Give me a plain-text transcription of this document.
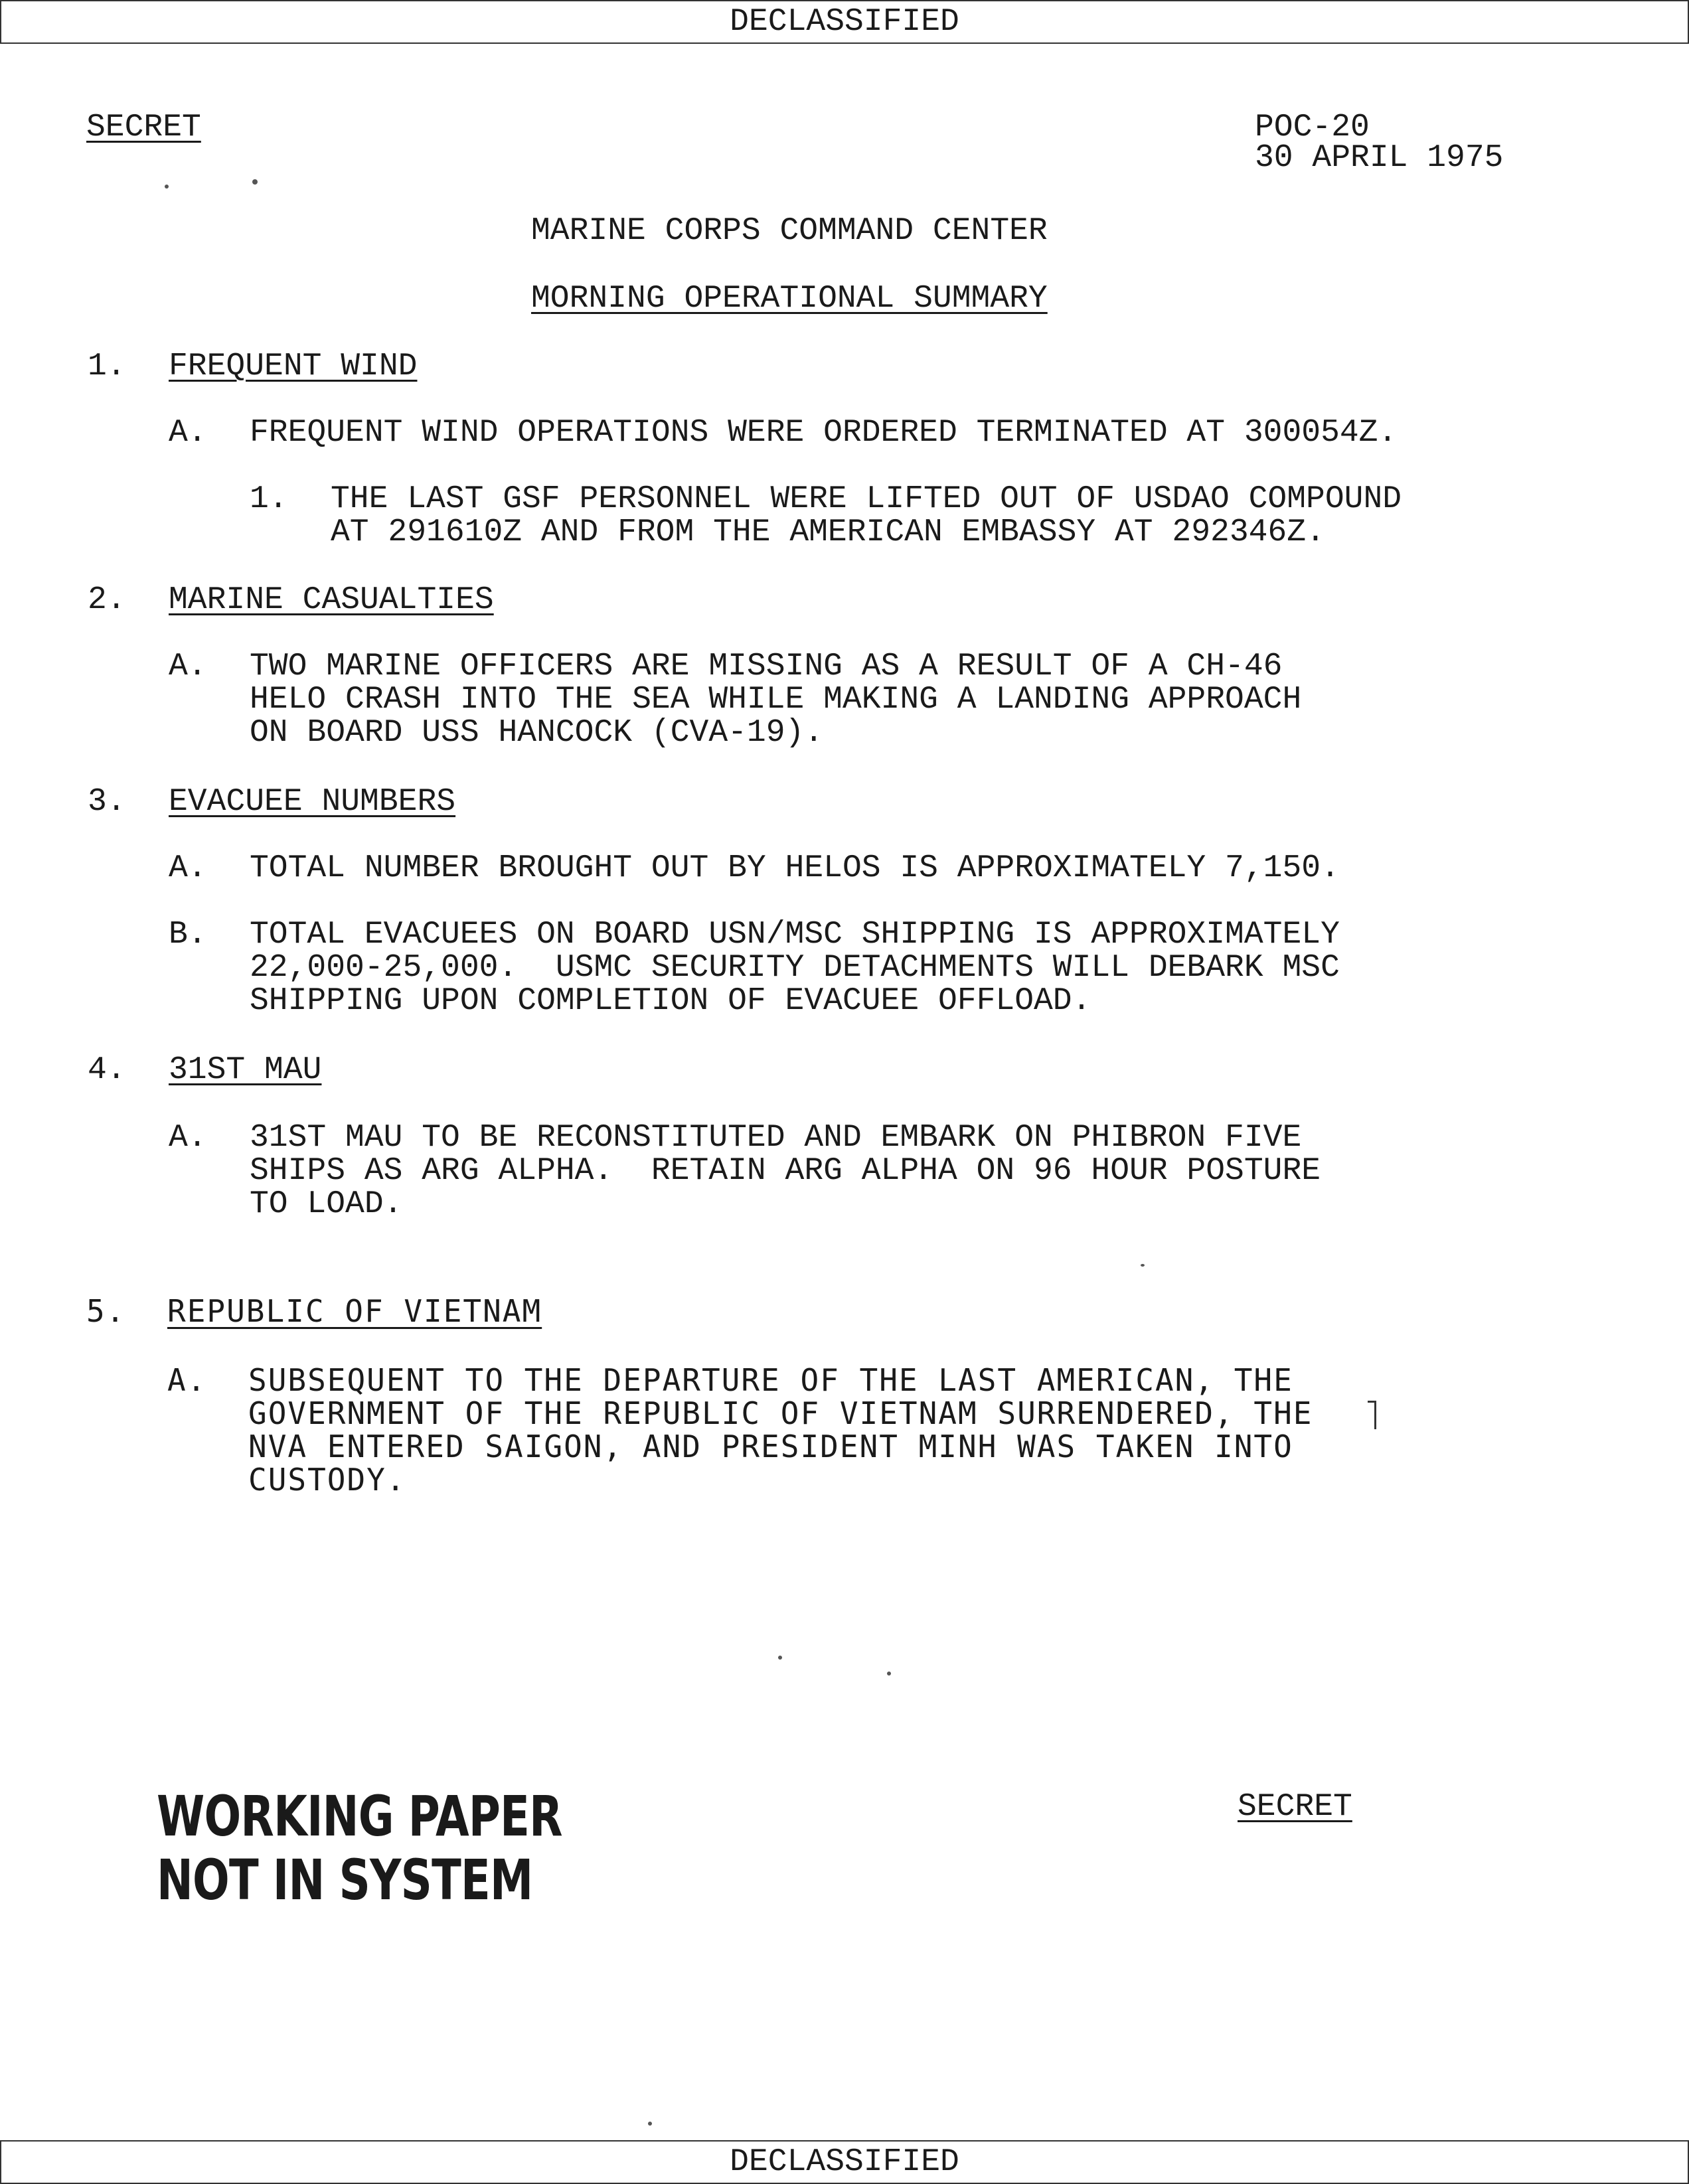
DECLASSIFIED
SECRET	POC-20
30 APRIL 1975
MARINE CORPS COMMAND CENTER
MORNING OPERATIONAL SUMMARY
1. FREQUENT WIND
A. FREQUENT WIND OPERATIONS WERE ORDERED TERMINATED AT 300054Z.
1. THE LAST GSF PERSONNEL WERE LIFTED OUT OF USDAO COMPOUND
AT 291610Z AND FROM THE AMERICAN EMBASSY AT 292346Z.
2. MARINE CASUALTIES
A. TWO MARINE OFFICERS ARE MISSING AS A RESULT OF A CH-46
HELO CRASH INTO THE SEA WHILE MAKING A LANDING APPROACH
ON BOARD USS HANCOCK (CVA-19).
3. EVACUEE NUMBERS
A. TOTAL NUMBER BROUGHT OUT BY HELOS IS APPROXIMATELY 7,150.
B. TOTAL EVACUEES ON BOARD USN/MSC SHIPPING IS APPROXIMATELY
22,000-25,000.  USMC SECURITY DETACHMENTS WILL DEBARK MSC
SHIPPING UPON COMPLETION OF EVACUEE OFFLOAD.
4. 31ST MAU
A. 31ST MAU TO BE RECONSTITUTED AND EMBARK ON PHIBRON FIVE
SHIPS AS ARG ALPHA.  RETAIN ARG ALPHA ON 96 HOUR POSTURE
TO LOAD.
5. REPUBLIC OF VIETNAM
A. SUBSEQUENT TO THE DEPARTURE OF THE LAST AMERICAN, THE
GOVERNMENT OF THE REPUBLIC OF VIETNAM SURRENDERED, THE
NVA ENTERED SAIGON, AND PRESIDENT MINH WAS TAKEN INTO
CUSTODY.
WORKING PAPER
NOT IN SYSTEM
SECRET
DECLASSIFIED
